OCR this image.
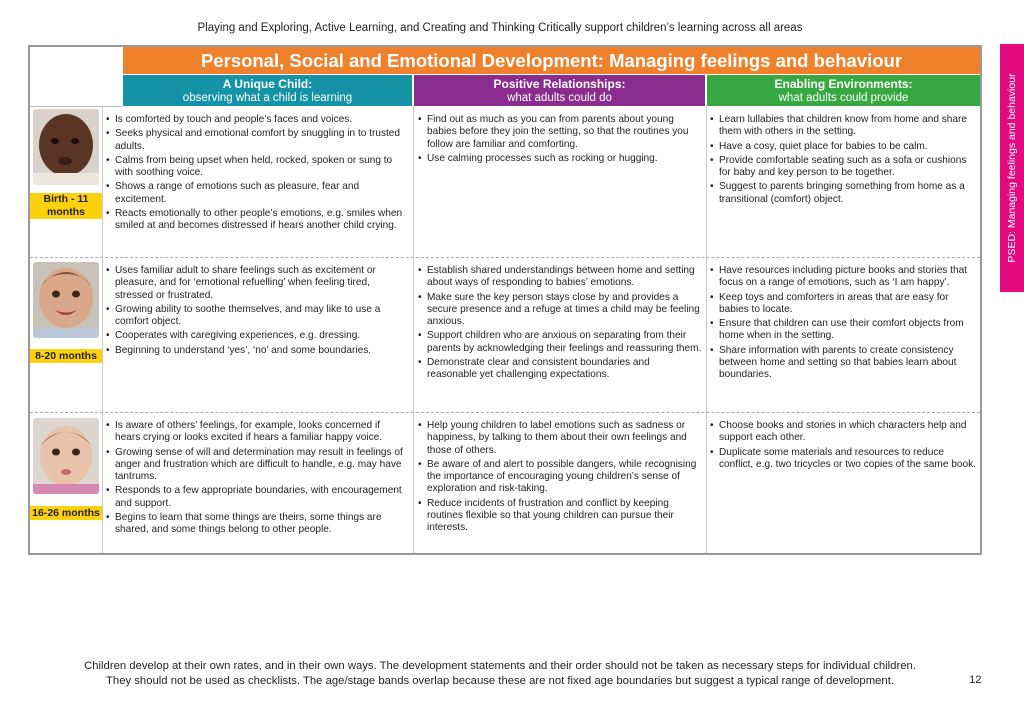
Playing and Exploring, Active Learning, and Creating and Thinking Critically support children’s learning across all areas
Personal, Social and Emotional Development: Managing feelings and behaviour
A Unique Child:
observing what a child is learning
Positive Relationships:
what adults could do
Enabling Environments:
what adults could provide	PSED: Managing feelings and behaviour
Birth - 11 months
• Is comforted by touch and people’s faces and voices.
• Seeks physical and emotional comfort by snuggling in to trusted adults.
• Calms from being upset when held, rocked, spoken or sung to with soothing voice.
• Shows a range of emotions such as pleasure, fear and excitement.
• Reacts emotionally to other people’s emotions, e.g. smiles when smiled at and becomes distressed if hears another child crying.
• Find out as much as you can from parents about young babies before they join the setting, so that the routines you follow are familiar and comforting.
• Use calming processes such as rocking or hugging.
• Learn lullabies that children know from home and share them with others in the setting.
• Have a cosy, quiet place for babies to be calm.
• Provide comfortable seating such as a sofa or cushions for baby and key person to be together.
• Suggest to parents bringing something from home as a transitional (comfort) object.
8-20 months
• Uses familiar adult to share feelings such as excitement or pleasure, and for ‘emotional refuelling’ when feeling tired, stressed or frustrated.
• Growing ability to soothe themselves, and may like to use a comfort object.
• Cooperates with caregiving experiences, e.g. dressing.
• Beginning to understand ‘yes’, ‘no’ and some boundaries.
• Establish shared understandings between home and setting about ways of responding to babies’ emotions.
• Make sure the key person stays close by and provides a secure presence and a refuge at times a child may be feeling anxious.
• Support children who are anxious on separating from their parents by acknowledging their feelings and reassuring them.
• Demonstrate clear and consistent boundaries and reasonable yet challenging expectations.
• Have resources including picture books and stories that focus on a range of emotions, such as ‘I am happy’.
• Keep toys and comforters in areas that are easy for babies to locate.
• Ensure that children can use their comfort objects from home when in the setting.
• Share information with parents to create consistency between home and setting so that babies learn about boundaries.
16-26 months
• Is aware of others’ feelings, for example, looks concerned if hears crying or looks excited if hears a familiar happy voice.
• Growing sense of will and determination may result in feelings of anger and frustration which are difficult to handle, e.g. may have tantrums.
• Responds to a few appropriate boundaries, with encouragement and support.
• Begins to learn that some things are theirs, some things are shared, and some things belong to other people.
• Help young children to label emotions such as sadness or happiness, by talking to them about their own feelings and those of others.
• Be aware of and alert to possible dangers, while recognising the importance of encouraging young children’s sense of exploration and risk-taking.
• Reduce incidents of frustration and conflict by keeping routines flexible so that young children can pursue their interests.
• Choose books and stories in which characters help and support each other.
• Duplicate some materials and resources to reduce conflict, e.g. two tricycles or two copies of the same book.
Children develop at their own rates, and in their own ways. The development statements and their order should not be taken as necessary steps for individual children.
They should not be used as checklists. The age/stage bands overlap because these are not fixed age boundaries but suggest a typical range of development.	12
